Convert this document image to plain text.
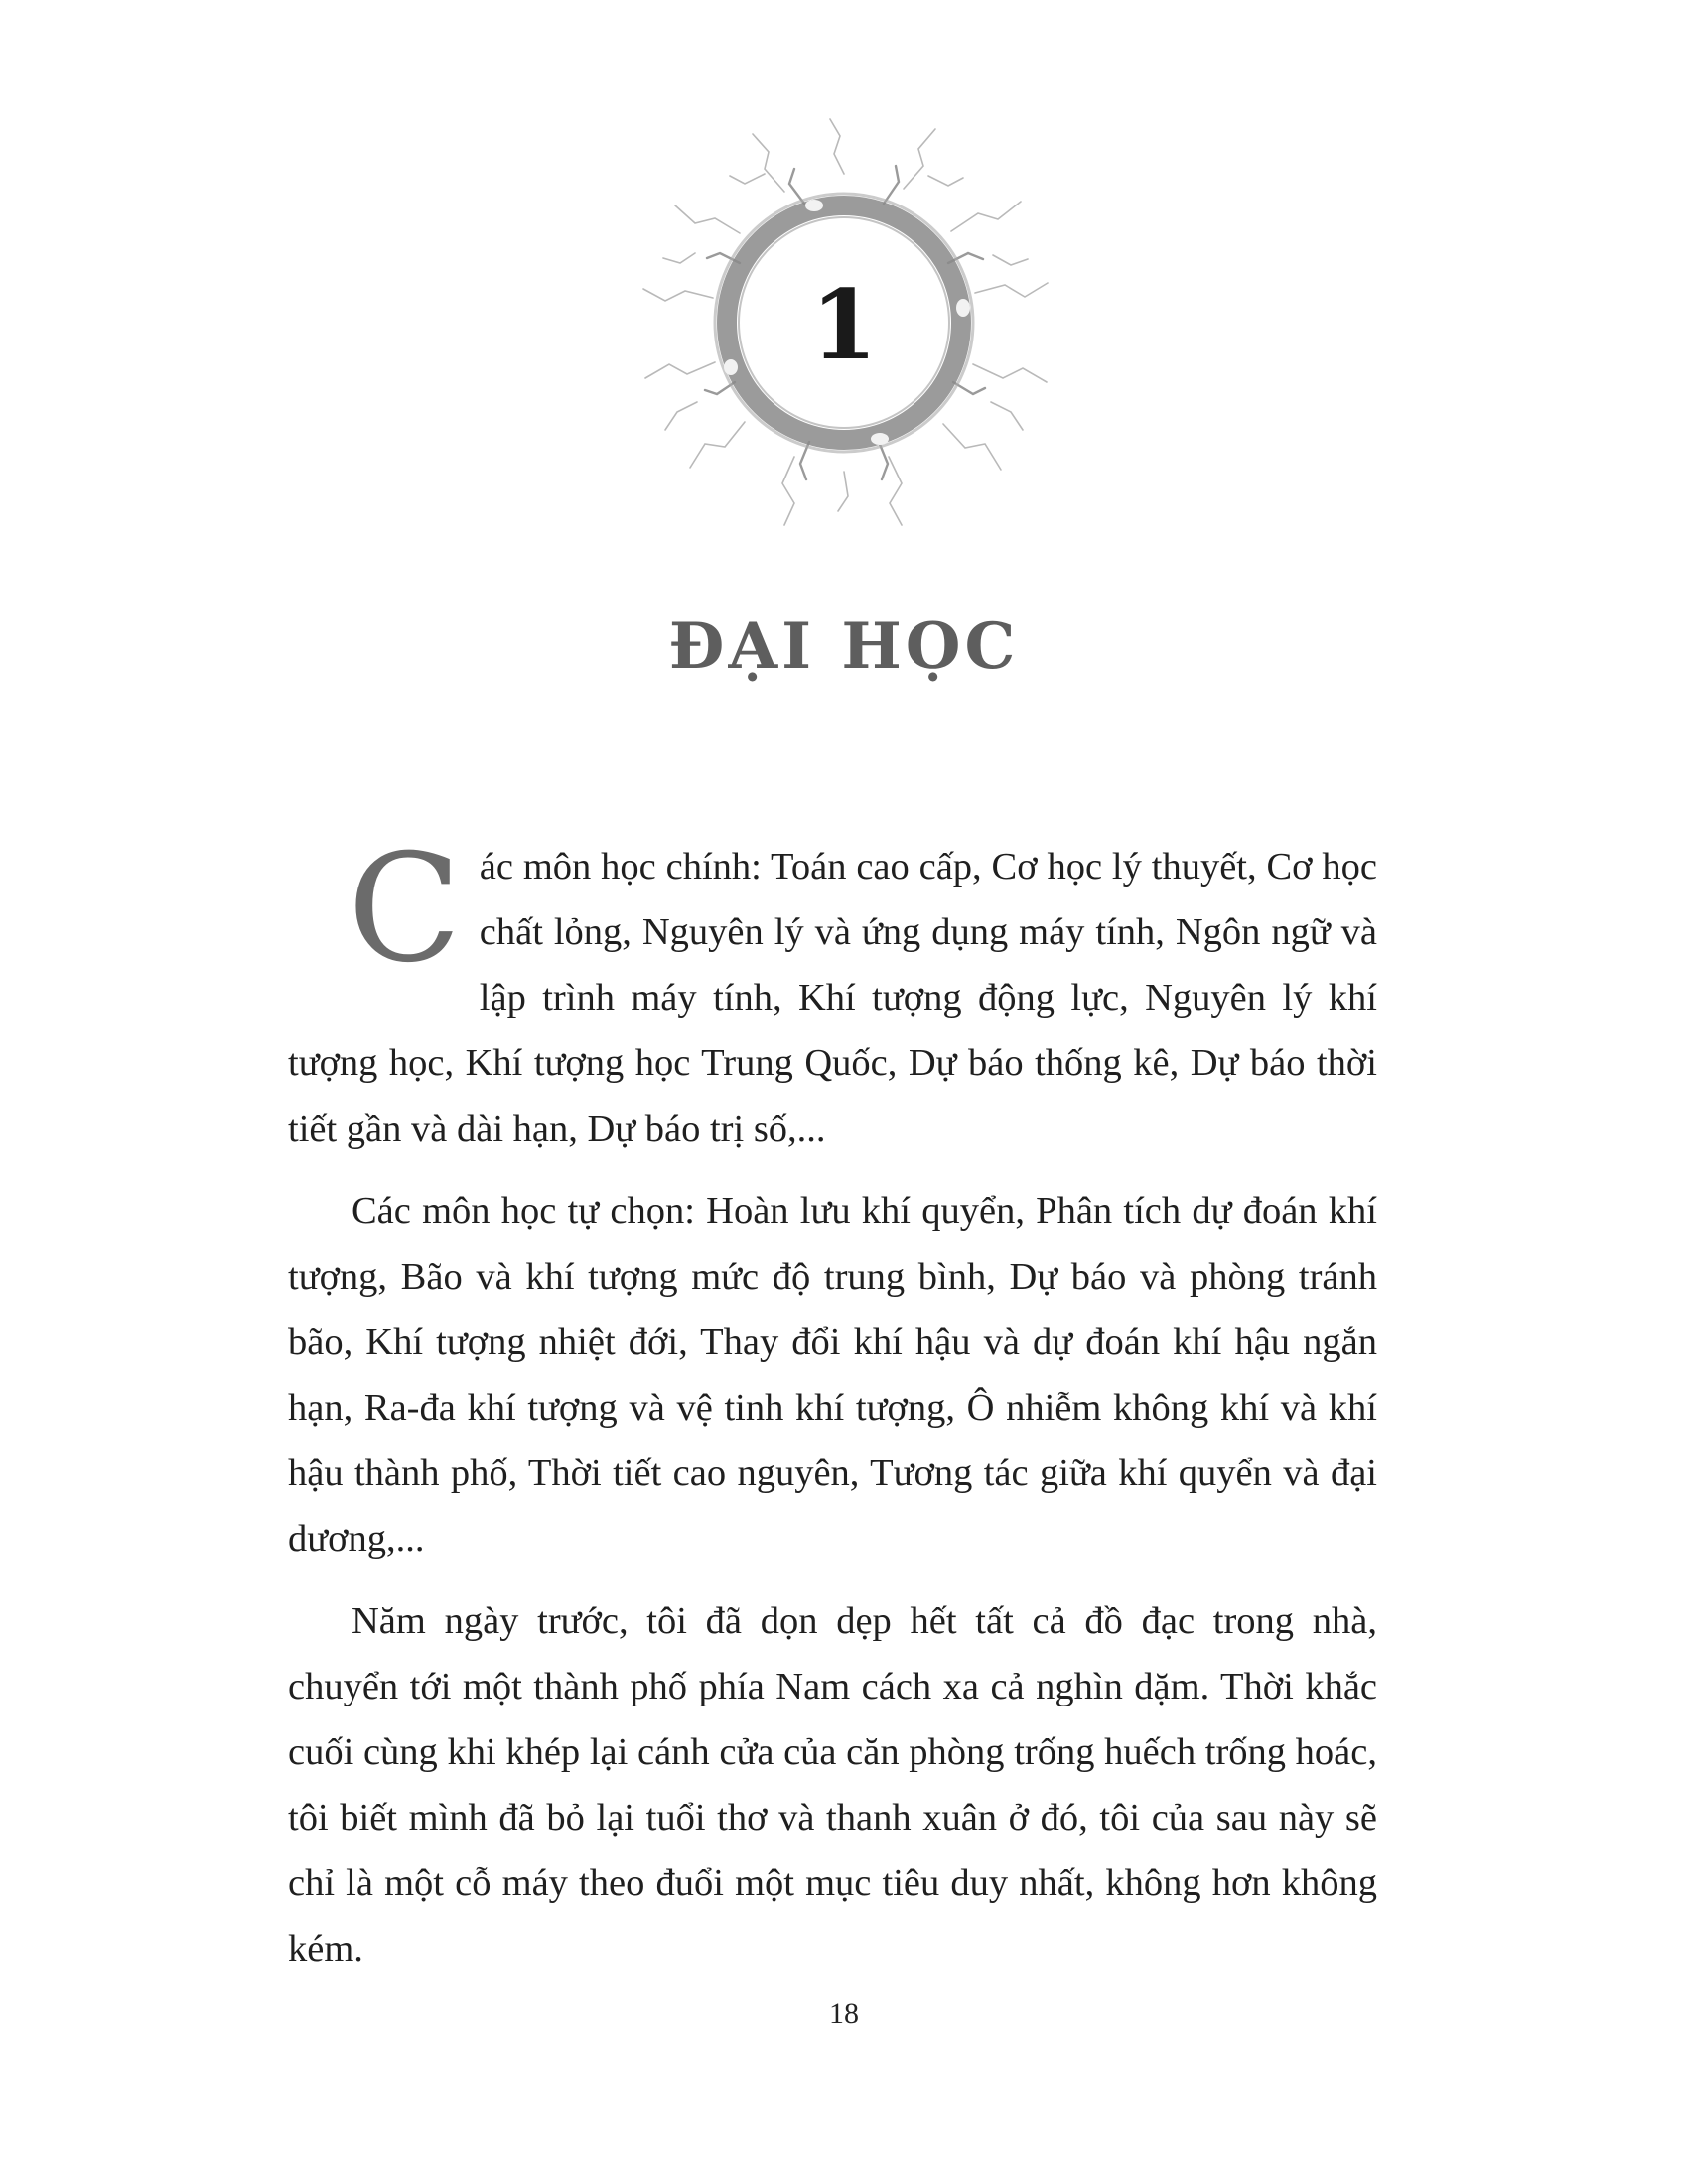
1
ĐẠI HỌC

Các môn học chính: Toán cao cấp, Cơ học lý thuyết, Cơ học chất lỏng, Nguyên lý và ứng dụng máy tính, Ngôn ngữ và lập trình máy tính, Khí tượng động lực, Nguyên lý khí tượng học, Khí tượng học Trung Quốc, Dự báo thống kê, Dự báo thời tiết gần và dài hạn, Dự báo trị số,...

Các môn học tự chọn: Hoàn lưu khí quyển, Phân tích dự đoán khí tượng, Bão và khí tượng mức độ trung bình, Dự báo và phòng tránh bão, Khí tượng nhiệt đới, Thay đổi khí hậu và dự đoán khí hậu ngắn hạn, Ra-đa khí tượng và vệ tinh khí tượng, Ô nhiễm không khí và khí hậu thành phố, Thời tiết cao nguyên, Tương tác giữa khí quyển và đại dương,...

Năm ngày trước, tôi đã dọn dẹp hết tất cả đồ đạc trong nhà, chuyển tới một thành phố phía Nam cách xa cả nghìn dặm. Thời khắc cuối cùng khi khép lại cánh cửa của căn phòng trống huếch trống hoác, tôi biết mình đã bỏ lại tuổi thơ và thanh xuân ở đó, tôi của sau này sẽ chỉ là một cỗ máy theo đuổi một mục tiêu duy nhất, không hơn không kém.

18
